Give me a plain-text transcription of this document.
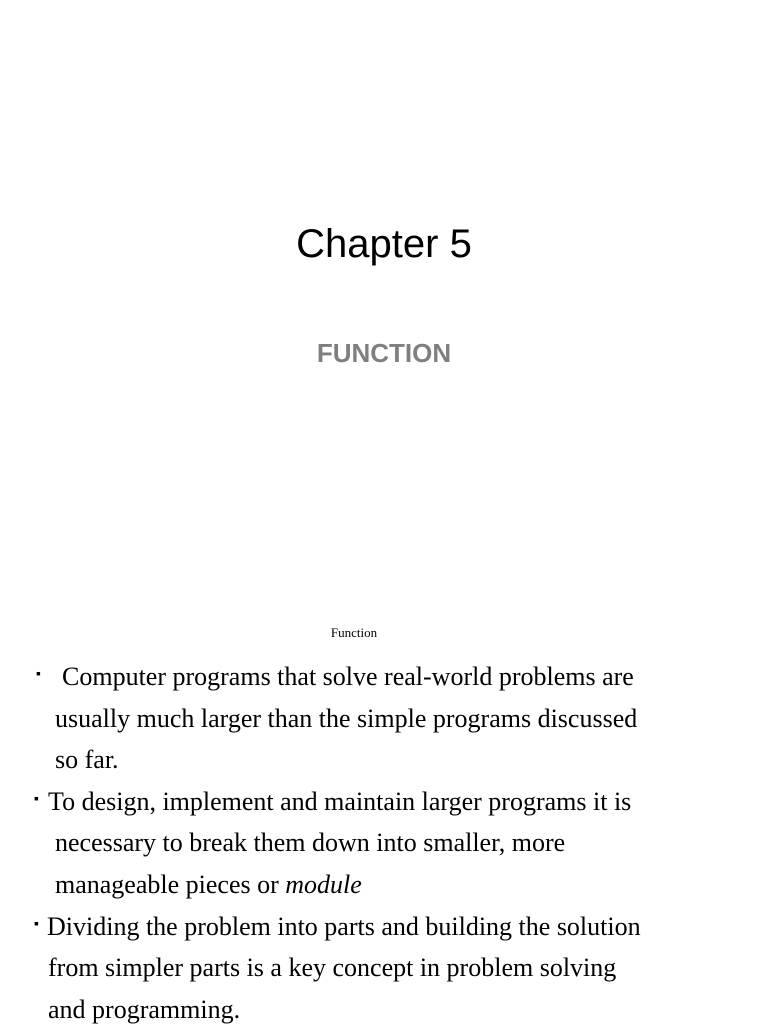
Chapter 5
FUNCTION
Function
▪ Computer programs that solve real-world problems are
usually much larger than the simple programs discussed
so far.
▪ To design, implement and maintain larger programs it is
necessary to break them down into smaller, more
manageable pieces or module
▪ Dividing the problem into parts and building the solution
from simpler parts is a key concept in problem solving
and programming.
